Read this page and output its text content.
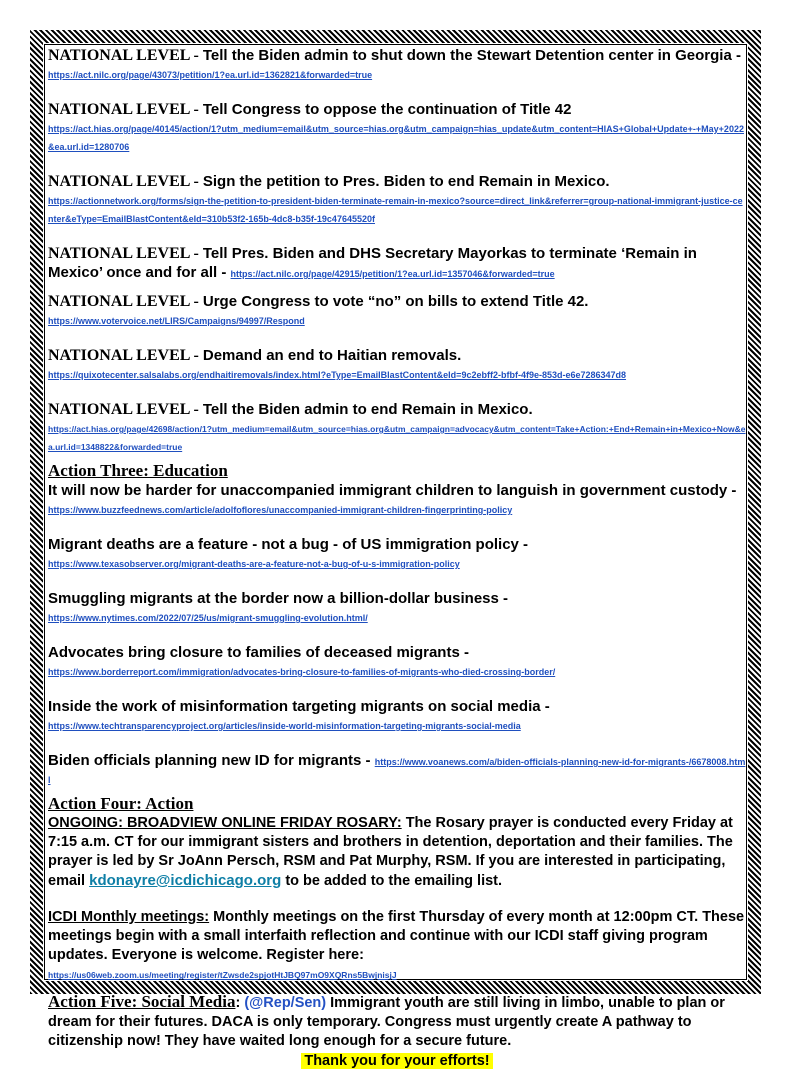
NATIONAL LEVEL - Tell the Biden admin to shut down the Stewart Detention center in Georgia - https://act.nilc.org/page/43073/petition/1?ea.url.id=1362821&forwarded=true
NATIONAL LEVEL - Tell Congress to oppose the continuation of Title 42
https://act.hias.org/page/40145/action/1?utm_medium=email&utm_source=hias.org&utm_campaign=hias_update&utm_content=HIAS+Global+Update+-+May+2022&ea.url.id=1280706
NATIONAL LEVEL - Sign the petition to Pres. Biden to end Remain in Mexico.
https://actionnetwork.org/forms/sign-the-petition-to-president-biden-terminate-remain-in-mexico?source=direct_link&referrer=group-national-immigrant-justice-center&eType=EmailBlastContent&eId=310b53f2-165b-4dc8-b35f-19c47645520f
NATIONAL LEVEL - Tell Pres. Biden and DHS Secretary Mayorkas to terminate ‘Remain in Mexico’ once and for all - https://act.nilc.org/page/42915/petition/1?ea.url.id=1357046&forwarded=true
NATIONAL LEVEL - Urge Congress to vote “no” on bills to extend Title 42.
https://www.votervoice.net/LIRS/Campaigns/94997/Respond
NATIONAL LEVEL - Demand an end to Haitian removals.
https://quixotecenter.salsalabs.org/endhaitiremovals/index.html?eType=EmailBlastContent&eId=9c2ebff2-bfbf-4f9e-853d-e6e7286347d8
NATIONAL LEVEL - Tell the Biden admin to end Remain in Mexico.
https://act.hias.org/page/42698/action/1?utm_medium=email&utm_source=hias.org&utm_campaign=advocacy&utm_content=Take+Action:+End+Remain+in+Mexico+Now&ea.url.id=1348822&forwarded=true
Action Three: Education
It will now be harder for unaccompanied immigrant children to languish in government custody - https://www.buzzfeednews.com/article/adolfoflores/unaccompanied-immigrant-children-fingerprinting-policy
Migrant deaths are a feature - not a bug - of US immigration policy -
https://www.texasobserver.org/migrant-deaths-are-a-feature-not-a-bug-of-u-s-immigration-policy
Smuggling migrants at the border now a billion-dollar business -
https://www.nytimes.com/2022/07/25/us/migrant-smuggling-evolution.html/
Advocates bring closure to families of deceased migrants -
https://www.borderreport.com/immigration/advocates-bring-closure-to-families-of-migrants-who-died-crossing-border/
Inside the work of misinformation targeting migrants on social media -
https://www.techtransparencyproject.org/articles/inside-world-misinformation-targeting-migrants-social-media
Biden officials planning new ID for migrants - https://www.voanews.com/a/biden-officials-planning-new-id-for-migrants-/6678008.html
Action Four: Action
ONGOING: BROADVIEW ONLINE FRIDAY ROSARY: The Rosary prayer is conducted every Friday at 7:15 a.m. CT for our immigrant sisters and brothers in detention, deportation and their families. The prayer is led by Sr JoAnn Persch, RSM and Pat Murphy, RSM. If you are interested in participating, email kdonayre@icdichicago.org to be added to the emailing list.
ICDI Monthly meetings: Monthly meetings on the first Thursday of every month at 12:00pm CT. These meetings begin with a small interfaith reflection and continue with our ICDI staff giving program updates. Everyone is welcome. Register here:
https://us06web.zoom.us/meeting/register/tZwsde2spjotHtJBQ97mO9XQRns5BwjnisjJ
Action Five: Social Media: (@Rep/Sen) Immigrant youth are still living in limbo, unable to plan or dream for their futures. DACA is only temporary. Congress must urgently create A pathway to citizenship now! They have waited long enough for a secure future.
Thank you for your efforts!
